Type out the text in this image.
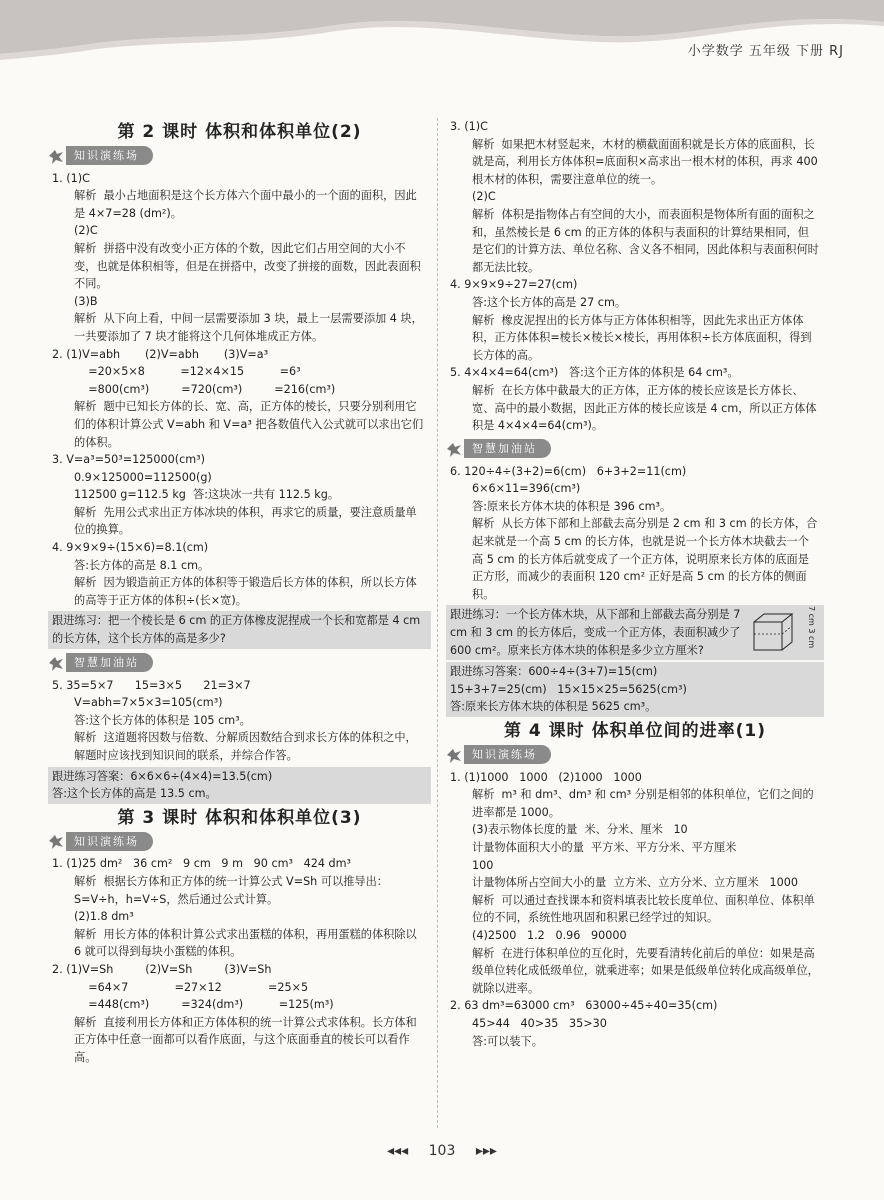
小学数学 五年级 下册 RJ
第 2 课时 体积和体积单位(2)
知识演练场

1. (1)C

解析  最小占地面积是这个长方体六个面中最小的一个面的面积，因此是 4×7=28 (dm²)。

(2)C

解析  拼搭中没有改变小正方体的个数，因此它们占用空间的大小不变，也就是体积相等，但是在拼搭中，改变了拼接的面数，因此表面积不同。

(3)B

解析  从下向上看，中间一层需要添加 3 块，最上一层需要添加 4 块，一共要添加了 7 块才能将这个几何体堆成正方体。

2. (1)V=abh       (2)V=abh       (3)V=a³

=20×5×8          =12×4×15          =6³

=800(cm³)         =720(cm³)         =216(cm³)

解析  题中已知长方体的长、宽、高，正方体的棱长，只要分别利用它们的体积计算公式 V=abh 和 V=a³ 把各数值代入公式就可以求出它们的体积。

3. V=a³=50³=125000(cm³)

0.9×125000=112500(g)

112500 g=112.5 kg  答:这块冰一共有 112.5 kg。

解析  先用公式求出正方体冰块的体积，再求它的质量，要注意质量单位的换算。

4. 9×9×9÷(15×6)=8.1(cm)

答:长方体的高是 8.1 cm。

解析  因为锻造前正方体的体积等于锻造后长方体的体积，所以长方体的高等于正方体的体积÷(长×宽)。

跟进练习：把一个棱长是 6 cm 的正方体橡皮泥捏成一个长和宽都是 4 cm 的长方体，这个长方体的高是多少?

智慧加油站

5. 35=5×7      15=3×5      21=3×7

V=abh=7×5×3=105(cm³)

答:这个长方体的体积是 105 cm³。

解析  这道题将因数与倍数、分解质因数结合到求长方体的体积之中，解题时应该找到知识间的联系，并综合作答。

跟进练习答案：6×6×6÷(4×4)=13.5(cm)

答:这个长方体的高是 13.5 cm。

第 3 课时 体积和体积单位(3)
知识演练场

1. (1)25 dm²   36 cm²   9 cm   9 m   90 cm³   424 dm³

解析  根据长方体和正方体的统一计算公式 V=Sh 可以推导出：S=V÷h，h=V÷S，然后通过公式计算。

(2)1.8 dm³

解析  用长方体的体积计算公式求出蛋糕的体积，再用蛋糕的体积除以 6 就可以得到每块小蛋糕的体积。

2. (1)V=Sh         (2)V=Sh         (3)V=Sh

=64×7             =27×12             =25×5

=448(cm³)         =324(dm³)          =125(m³)

解析  直接利用长方体和正方体体积的统一计算公式求体积。长方体和正方体中任意一面都可以看作底面，与这个底面垂直的棱长可以看作高。

3. (1)C

解析  如果把木材竖起来，木材的横截面面积就是长方体的底面积，长就是高，利用长方体体积=底面积×高求出一根木材的体积，再求 400 根木材的体积，需要注意单位的统一。

(2)C

解析  体积是指物体占有空间的大小，而表面积是物体所有面的面积之和，虽然棱长是 6 cm 的正方体的体积与表面积的计算结果相同，但是它们的计算方法、单位名称、含义各不相同，因此体积与表面积何时都无法比较。

4. 9×9×9÷27=27(cm)

答:这个长方体的高是 27 cm。

解析  橡皮泥捏出的长方体与正方体体积相等，因此先求出正方体体积，正方体体积=棱长×棱长×棱长，再用体积÷长方体底面积，得到长方体的高。

5. 4×4×4=64(cm³)   答:这个正方体的体积是 64 cm³。

解析  在长方体中截最大的正方体，正方体的棱长应该是长方体长、宽、高中的最小数据，因此正方体的棱长应该是 4 cm，所以正方体体积是 4×4×4=64(cm³)。

智慧加油站

6. 120÷4÷(3+2)=6(cm)   6+3+2=11(cm)

6×6×11=396(cm³)

答:原来长方体木块的体积是 396 cm³。

解析  从长方体下部和上部截去高分别是 2 cm 和 3 cm 的长方体，合起来就是一个高 5 cm 的长方体，也就是说一个长方体木块截去一个高 5 cm 的长方体后就变成了一个正方体，说明原来长方体的底面是正方形，而减少的表面积 120 cm² 正好是高 5 cm 的长方体的侧面积。

跟进练习：一个长方体木块，从下部和上部截去高分别是 7 cm 和 3 cm 的长方体后，变成一个正方体，表面积减少了 600 cm²。原来长方体木块的体积是多少立方厘米?

7 cm 3 cm

跟进练习答案：600÷4÷(3+7)=15(cm)

15+3+7=25(cm)   15×15×25=5625(cm³)

答:原来长方体木块的体积是 5625 cm³。

第 4 课时 体积单位间的进率(1)
知识演练场

1. (1)1000   1000   (2)1000   1000

解析  m³ 和 dm³、dm³ 和 cm³ 分别是相邻的体积单位，它们之间的进率都是 1000。

(3)表示物体长度的量  米、分米、厘米   10

计量物体面积大小的量  平方米、平方分米、平方厘米

100

计量物体所占空间大小的量  立方米、立方分米、立方厘米   1000

解析  可以通过查找课本和资料填表比较长度单位、面积单位、体积单位的不同，系统性地巩固和积累已经学过的知识。

(4)2500   1.2   0.96   90000

解析  在进行体积单位的互化时，先要看清转化前后的单位：如果是高级单位转化成低级单位，就乘进率；如果是低级单位转化成高级单位，就除以进率。

2. 63 dm³=63000 cm³   63000÷45÷40=35(cm)

45>44   40>35   35>30

答:可以装下。

◂◂◂ 103 ▸▸▸
